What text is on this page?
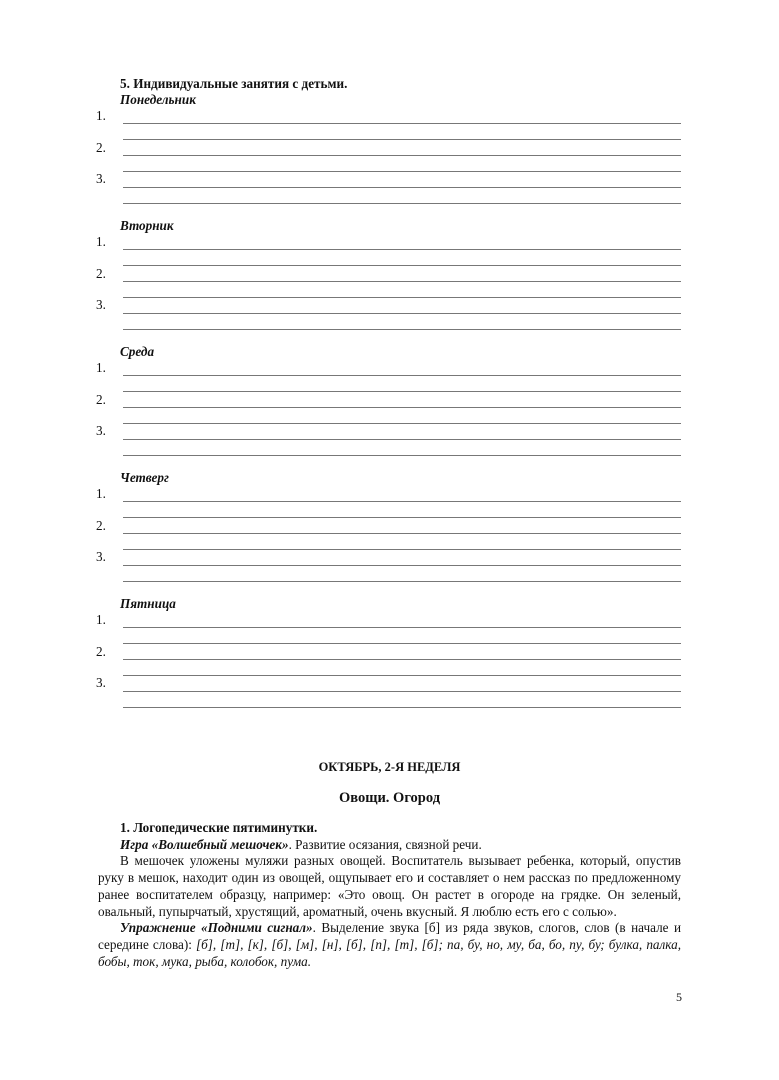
5. Индивидуальные занятия с детьми.
Понедельник
1.
2.
3.
Вторник
1.
2.
3.
Среда
1.
2.
3.
Четверг
1.
2.
3.
Пятница
1.
2.
3.
ОКТЯБРЬ, 2-Я НЕДЕЛЯ
Овощи. Огород

1. Логопедические пятиминутки.

Игра «Волшебный мешочек». Развитие осязания, связной речи.

В мешочек уложены муляжи разных овощей. Воспитатель вызывает ребенка, который, опустив руку в мешок, находит один из овощей, ощупывает его и составляет о нем рассказ по предложенному ранее воспитателем образцу, например: «Это овощ. Он растет в огороде на грядке. Он зеленый, овальный, пупырчатый, хрустящий, ароматный, очень вкусный. Я люблю есть его с солью».

Упражнение «Подними сигнал». Выделение звука [б] из ряда звуков, слогов, слов (в начале и середине слова): [б], [т], [к], [б], [м], [н], [б], [п], [т], [б]; па, бу, но, му, ба, бо, пу, бу; булка, палка, бобы, ток, мука, рыба, колобок, пума.

5
